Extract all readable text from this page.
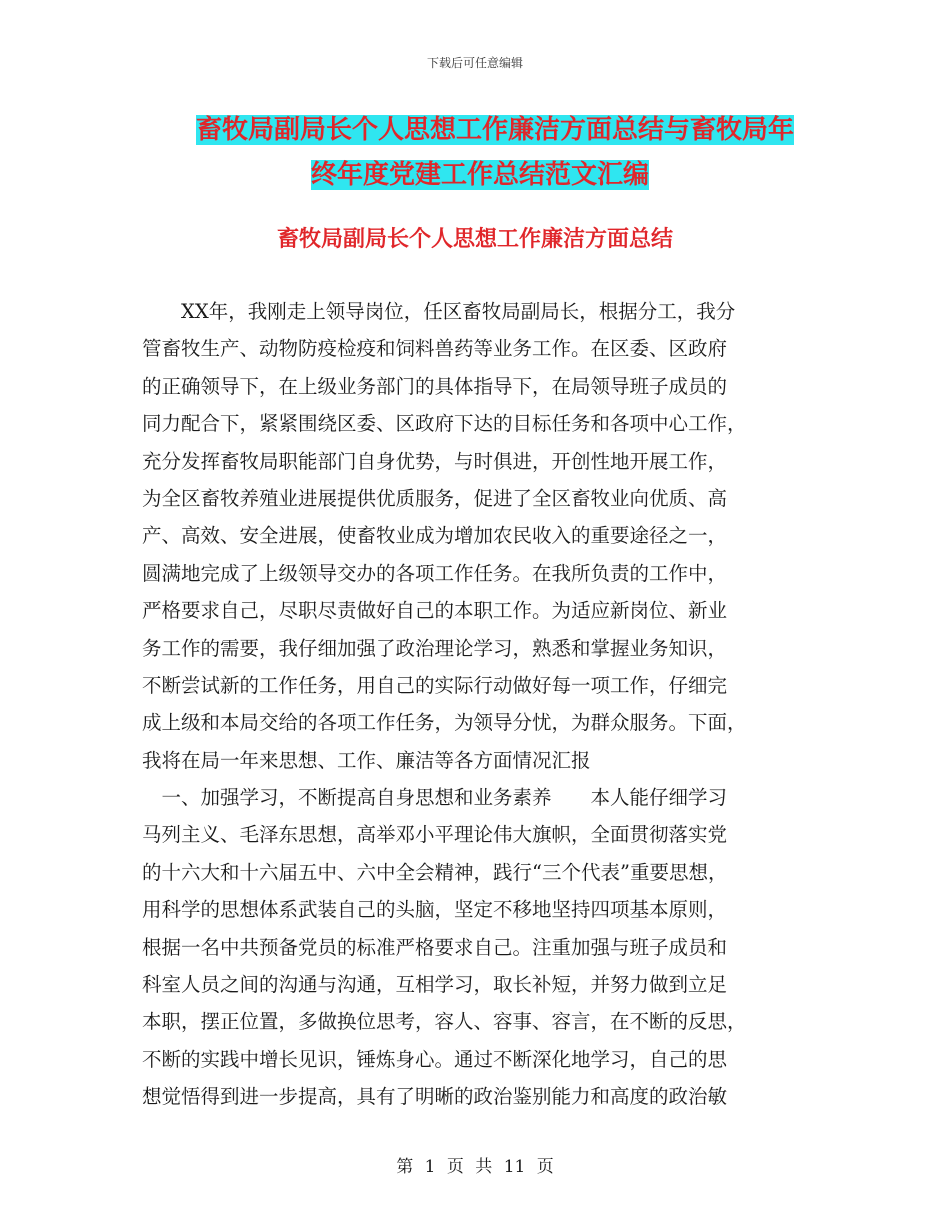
下载后可任意编辑
畜牧局副局长个人思想工作廉洁方面总结与畜牧局年
终年度党建工作总结范文汇编
畜牧局副局长个人思想工作廉洁方面总结
　　XX年，我刚走上领导岗位，任区畜牧局副局长，根据分工，我分
管畜牧生产、动物防疫检疫和饲料兽药等业务工作。在区委、区政府
的正确领导下，在上级业务部门的具体指导下，在局领导班子成员的
同力配合下，紧紧围绕区委、区政府下达的目标任务和各项中心工作，
充分发挥畜牧局职能部门自身优势，与时俱进，开创性地开展工作，
为全区畜牧养殖业进展提供优质服务，促进了全区畜牧业向优质、高
产、高效、安全进展，使畜牧业成为增加农民收入的重要途径之一，
圆满地完成了上级领导交办的各项工作任务。在我所负责的工作中，
严格要求自己，尽职尽责做好自己的本职工作。为适应新岗位、新业
务工作的需要，我仔细加强了政治理论学习，熟悉和掌握业务知识，
不断尝试新的工作任务，用自己的实际行动做好每一项工作，仔细完
成上级和本局交给的各项工作任务，为领导分忧，为群众服务。下面，
我将在局一年来思想、工作、廉洁等各方面情况汇报
　一、加强学习，不断提高自身思想和业务素养　　本人能仔细学习
马列主义、毛泽东思想，高举邓小平理论伟大旗帜，全面贯彻落实党
的十六大和十六届五中、六中全会精神，践行“三个代表”重要思想，
用科学的思想体系武装自己的头脑，坚定不移地坚持四项基本原则，
根据一名中共预备党员的标准严格要求自己。注重加强与班子成员和
科室人员之间的沟通与沟通，互相学习，取长补短，并努力做到立足
本职，摆正位置，多做换位思考，容人、容事、容言，在不断的反思，
不断的实践中增长见识，锤炼身心。通过不断深化地学习，自己的思
想觉悟得到进一步提高，具有了明晰的政治鉴别能力和高度的政治敏
第 1 页 共 11 页
